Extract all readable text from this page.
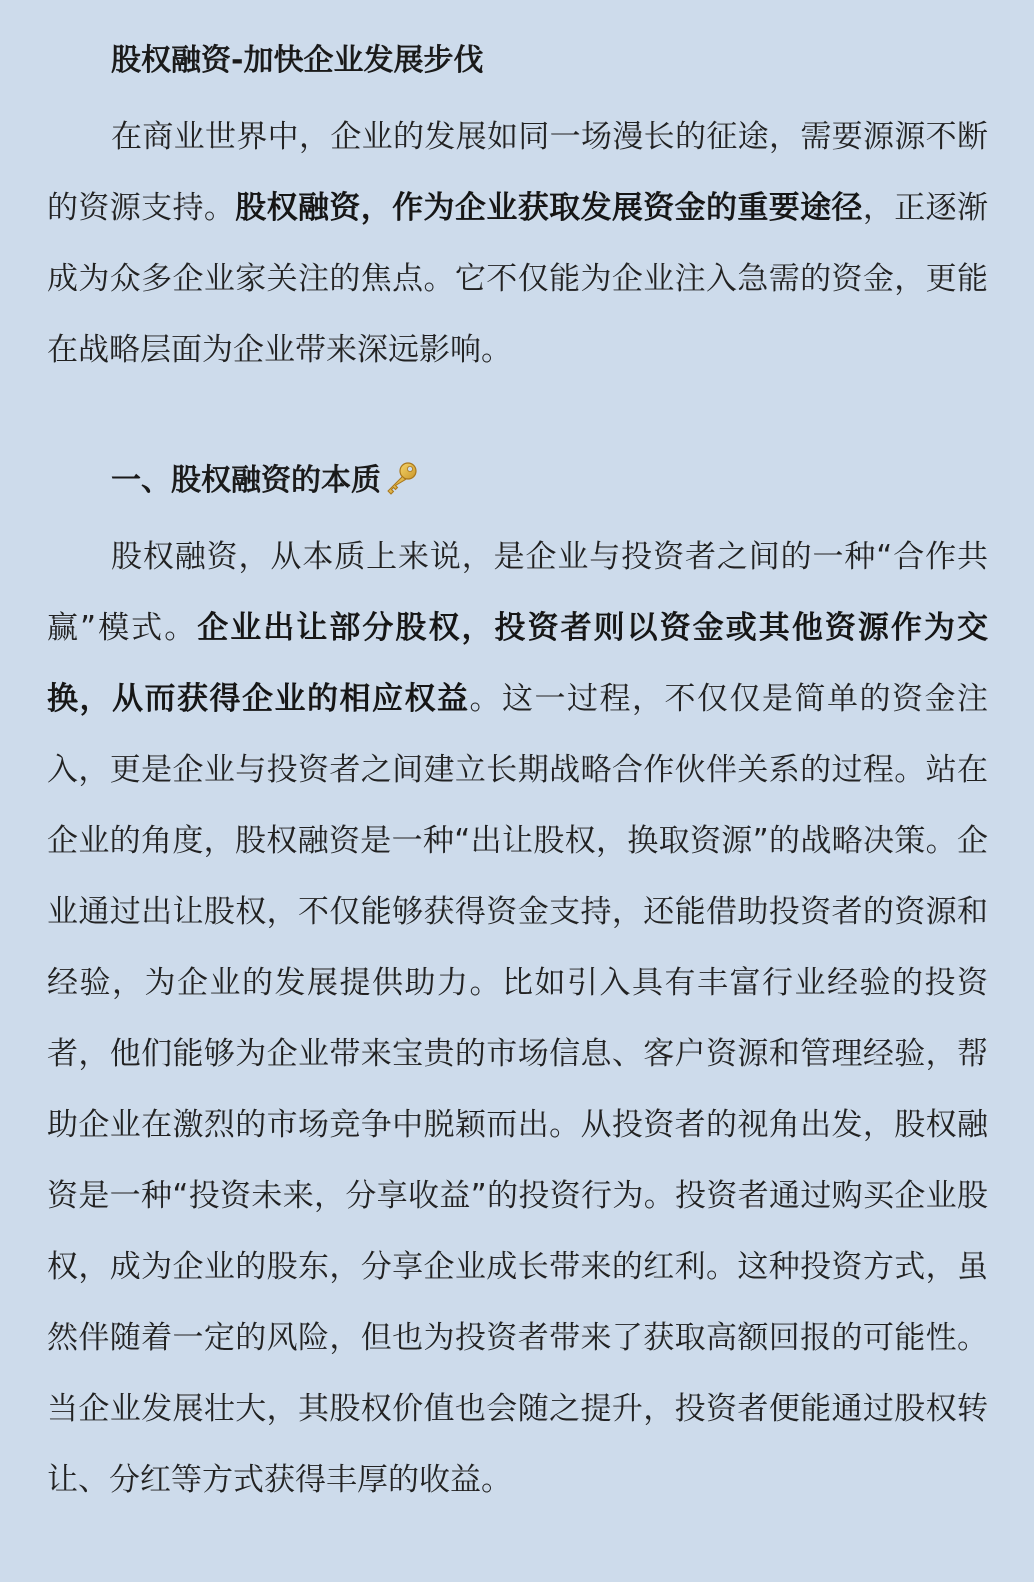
股权融资-加快企业发展步伐

在商业世界中，企业的发展如同一场漫长的征途，需要源源不断的资源支持。股权融资，作为企业获取发展资金的重要途径，正逐渐成为众多企业家关注的焦点。它不仅能为企业注入急需的资金，更能在战略层面为企业带来深远影响。

一、股权融资的本质

股权融资，从本质上来说，是企业与投资者之间的一种“合作共赢”模式。企业出让部分股权，投资者则以资金或其他资源作为交换，从而获得企业的相应权益。这一过程，不仅仅是简单的资金注入，更是企业与投资者之间建立长期战略合作伙伴关系的过程。站在企业的角度，股权融资是一种“出让股权，换取资源”的战略决策。企业通过出让股权，不仅能够获得资金支持，还能借助投资者的资源和经验，为企业的发展提供助力。比如引入具有丰富行业经验的投资者，他们能够为企业带来宝贵的市场信息、客户资源和管理经验，帮助企业在激烈的市场竞争中脱颖而出。从投资者的视角出发，股权融资是一种“投资未来，分享收益”的投资行为。投资者通过购买企业股权，成为企业的股东，分享企业成长带来的红利。这种投资方式，虽然伴随着一定的风险，但也为投资者带来了获取高额回报的可能性。当企业发展壮大，其股权价值也会随之提升，投资者便能通过股权转让、分红等方式获得丰厚的收益。
